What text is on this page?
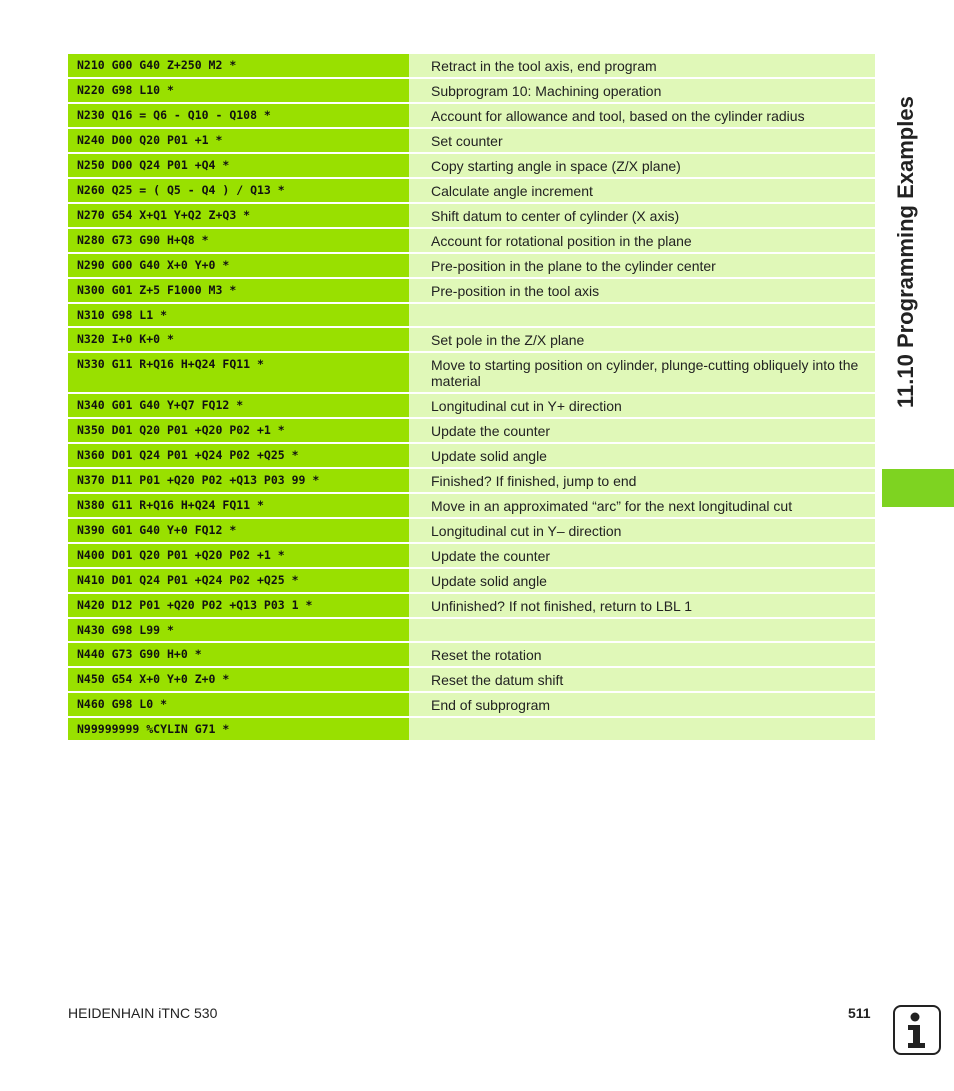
N210 G00 G40 Z+250 M2 *	Retract in the tool axis, end program
N220 G98 L10 *	Subprogram 10: Machining operation
N230 Q16 = Q6 - Q10 - Q108 *	Account for allowance and tool, based on the cylinder radius
N240 D00 Q20 P01 +1 *	Set counter
N250 D00 Q24 P01 +Q4 *	Copy starting angle in space (Z/X plane)
N260 Q25 = ( Q5 - Q4 ) / Q13 *	Calculate angle increment
N270 G54 X+Q1 Y+Q2 Z+Q3 *	Shift datum to center of cylinder (X axis)
N280 G73 G90 H+Q8 *	Account for rotational position in the plane
N290 G00 G40 X+0 Y+0 *	Pre-position in the plane to the cylinder center
N300 G01 Z+5 F1000 M3 *	Pre-position in the tool axis
N310 G98 L1 *
N320 I+0 K+0 *	Set pole in the Z/X plane
N330 G11 R+Q16 H+Q24 FQ11 *	Move to starting position on cylinder, plunge-cutting obliquely into the material
N340 G01 G40 Y+Q7 FQ12 *	Longitudinal cut in Y+ direction
N350 D01 Q20 P01 +Q20 P02 +1 *	Update the counter
N360 D01 Q24 P01 +Q24 P02 +Q25 *	Update solid angle
N370 D11 P01 +Q20 P02 +Q13 P03 99 *	Finished? If finished, jump to end
N380 G11 R+Q16 H+Q24 FQ11 *	Move in an approximated “arc” for the next longitudinal cut
N390 G01 G40 Y+0 FQ12 *	Longitudinal cut in Y– direction
N400 D01 Q20 P01 +Q20 P02 +1 *	Update the counter
N410 D01 Q24 P01 +Q24 P02 +Q25 *	Update solid angle
N420 D12 P01 +Q20 P02 +Q13 P03 1 *	Unfinished? If not finished, return to LBL 1
N430 G98 L99 *
N440 G73 G90 H+0 *	Reset the rotation
N450 G54 X+0 Y+0 Z+0 *	Reset the datum shift
N460 G98 L0 *	End of subprogram
N99999999 %CYLIN G71 *
11.10 Programming Examples
HEIDENHAIN iTNC 530	511
